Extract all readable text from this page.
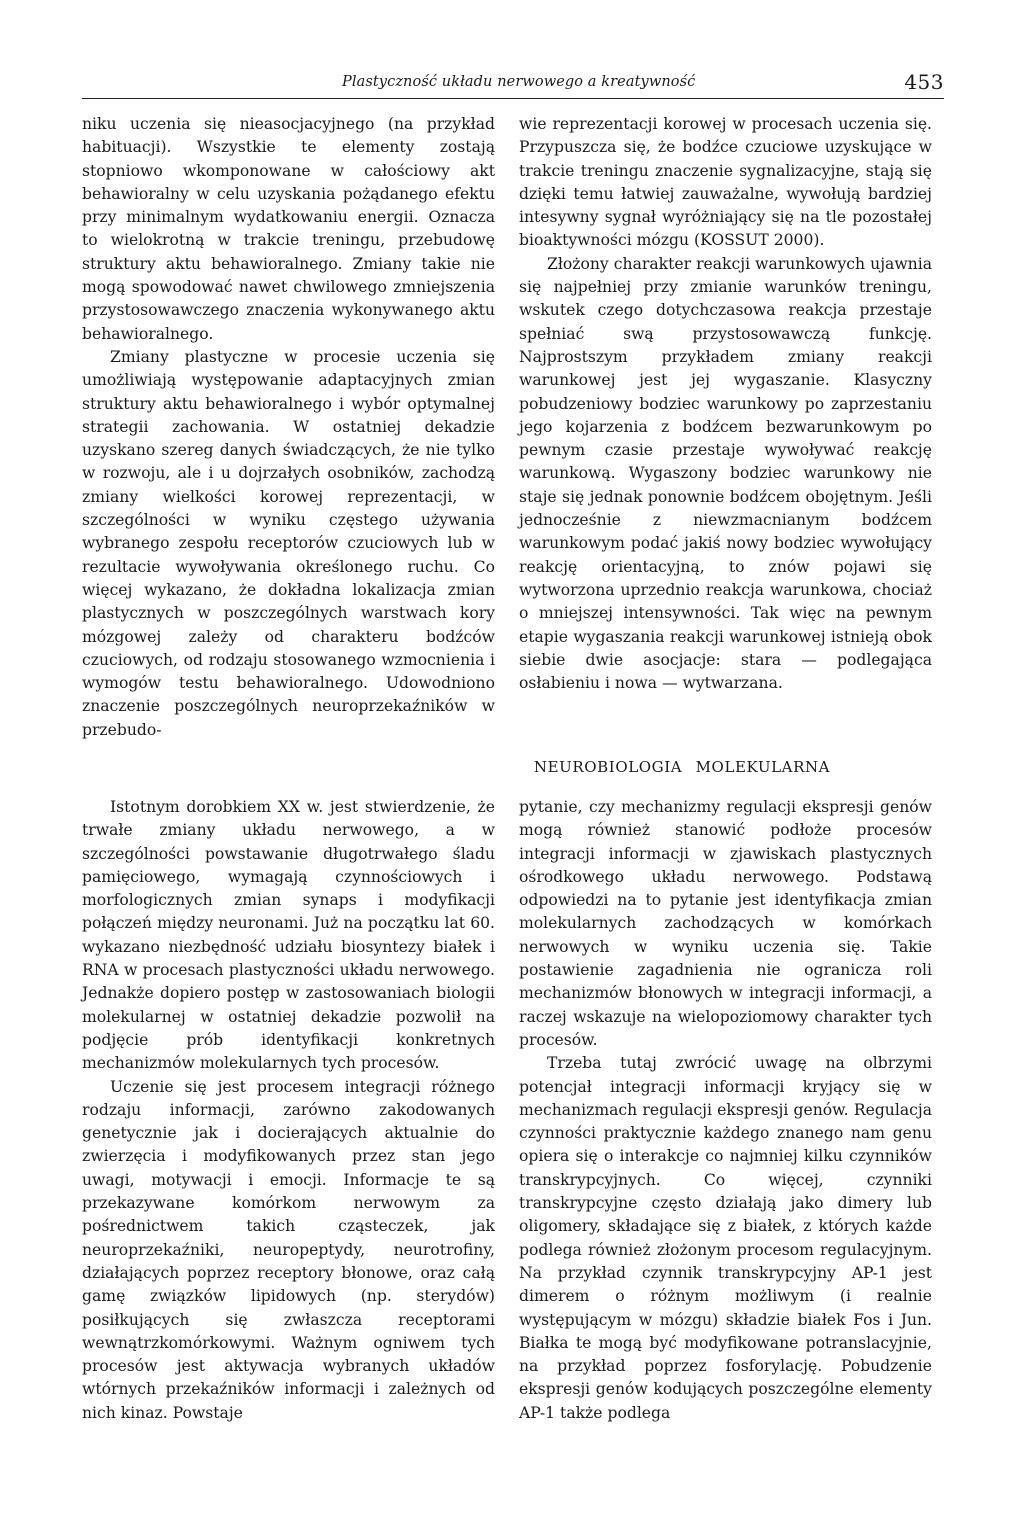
Plastyczność układu nerwowego a kreatywność	453

niku uczenia się nieasocjacyjnego (na przykład habituacji). Wszystkie te elementy zostają stopniowo wkomponowane w całościowy akt behawioralny w celu uzyskania pożądanego efektu przy minimalnym wydatkowaniu energii. Oznacza to wielokrotną w trakcie treningu, przebudowę struktury aktu behawioralnego. Zmiany takie nie mogą spowodować nawet chwilowego zmniejszenia przystosowawczego znaczenia wykonywanego aktu behawioralnego.

Zmiany plastyczne w procesie uczenia się umożliwiają występowanie adaptacyjnych zmian struktury aktu behawioralnego i wybór optymalnej strategii zachowania. W ostatniej dekadzie uzyskano szereg danych świadczących, że nie tylko w rozwoju, ale i u dojrzałych osobników, zachodzą zmiany wielkości korowej reprezentacji, w szczególności w wyniku częstego używania wybranego zespołu receptorów czuciowych lub w rezultacie wywoływania określonego ruchu. Co więcej wykazano, że dokładna lokalizacja zmian plastycznych w poszczególnych warstwach kory mózgowej zależy od charakteru bodźców czuciowych, od rodzaju stosowanego wzmocnienia i wymogów testu behawioralnego. Udowodniono znaczenie poszczególnych neuroprzekaźników w przebudo-

wie reprezentacji korowej w procesach uczenia się. Przypuszcza się, że bodźce czuciowe uzyskujące w trakcie treningu znaczenie sygnalizacyjne, stają się dzięki temu łatwiej zauważalne, wywołują bardziej intesywny sygnał wyróżniający się na tle pozostałej bioaktywności mózgu (KOSSUT 2000).

Złożony charakter reakcji warunkowych ujawnia się najpełniej przy zmianie warunków treningu, wskutek czego dotychczasowa reakcja przestaje spełniać swą przystosowawczą funkcję. Najprostszym przykładem zmiany reakcji warunkowej jest jej wygaszanie. Klasyczny pobudzeniowy bodziec warunkowy po zaprzestaniu jego kojarzenia z bodźcem bezwarunkowym po pewnym czasie przestaje wywoływać reakcję warunkową. Wygaszony bodziec warunkowy nie staje się jednak ponownie bodźcem obojętnym. Jeśli jednocześnie z niewzmacnianym bodźcem warunkowym podać jakiś nowy bodziec wywołujący reakcję orientacyjną, to znów pojawi się wytworzona uprzednio reakcja warunkowa, chociaż o mniejszej intensywności. Tak więc na pewnym etapie wygaszania reakcji warunkowej istnieją obok siebie dwie asocjacje: stara — podlegająca osłabieniu i nowa — wytwarzana.

NEUROBIOLOGIA MOLEKULARNA

Istotnym dorobkiem XX w. jest stwierdzenie, że trwałe zmiany układu nerwowego, a w szczególności powstawanie długotrwałego śladu pamięciowego, wymagają czynnościowych i morfologicznych zmian synaps i modyfikacji połączeń między neuronami. Już na początku lat 60. wykazano niezbędność udziału biosyntezy białek i RNA w procesach plastyczności układu nerwowego. Jednakże dopiero postęp w zastosowaniach biologii molekularnej w ostatniej dekadzie pozwolił na podjęcie prób identyfikacji konkretnych mechanizmów molekularnych tych procesów.

Uczenie się jest procesem integracji różnego rodzaju informacji, zarówno zakodowanych genetycznie jak i docierających aktualnie do zwierzęcia i modyfikowanych przez stan jego uwagi, motywacji i emocji. Informacje te są przekazywane komórkom nerwowym za pośrednictwem takich cząsteczek, jak neuroprzekaźniki, neuropeptydy, neurotrofiny, działających poprzez receptory błonowe, oraz całą gamę związków lipidowych (np. sterydów) posiłkujących się zwłaszcza receptorami wewnątrzkomórkowymi. Ważnym ogniwem tych procesów jest aktywacja wybranych układów wtórnych przekaźników informacji i zależnych od nich kinaz. Powstaje

pytanie, czy mechanizmy regulacji ekspresji genów mogą również stanowić podłoże procesów integracji informacji w zjawiskach plastycznych ośrodkowego układu nerwowego. Podstawą odpowiedzi na to pytanie jest identyfikacja zmian molekularnych zachodzących w komórkach nerwowych w wyniku uczenia się. Takie postawienie zagadnienia nie ogranicza roli mechanizmów błonowych w integracji informacji, a raczej wskazuje na wielopoziomowy charakter tych procesów.

Trzeba tutaj zwrócić uwagę na olbrzymi potencjał integracji informacji kryjący się w mechanizmach regulacji ekspresji genów. Regulacja czynności praktycznie każdego znanego nam genu opiera się o interakcje co najmniej kilku czynników transkrypcyjnych. Co więcej, czynniki transkrypcyjne często działają jako dimery lub oligomery, składające się z białek, z których każde podlega również złożonym procesom regulacyjnym. Na przykład czynnik transkrypcyjny AP-1 jest dimerem o różnym możliwym (i realnie występującym w mózgu) składzie białek Fos i Jun. Białka te mogą być modyfikowane potranslacyjnie, na przykład poprzez fosforylację. Pobudzenie ekspresji genów kodujących poszczególne elementy AP-1 także podlega
